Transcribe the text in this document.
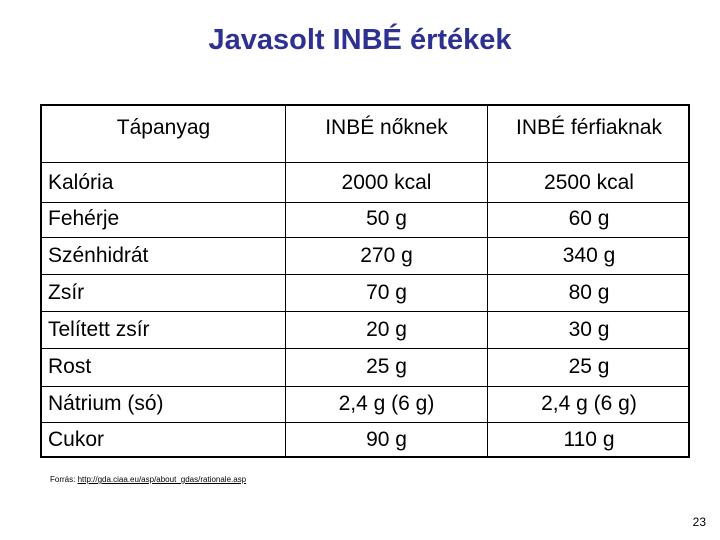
Javasolt INBÉ értékek
Tápanyag	INBÉ nőknek	INBÉ férfiaknak
Kalória	2000 kcal	2500 kcal
Fehérje	50 g	60 g
Szénhidrát	270 g	340 g
Zsír	70 g	80 g
Telített zsír	20 g	30 g
Rost	25 g	25 g
Nátrium (só)	2,4 g (6 g)	2,4 g (6 g)
Cukor	90 g	110 g
Forrás: http://gda.ciaa.eu/asp/about_gdas/rationale.asp
23
